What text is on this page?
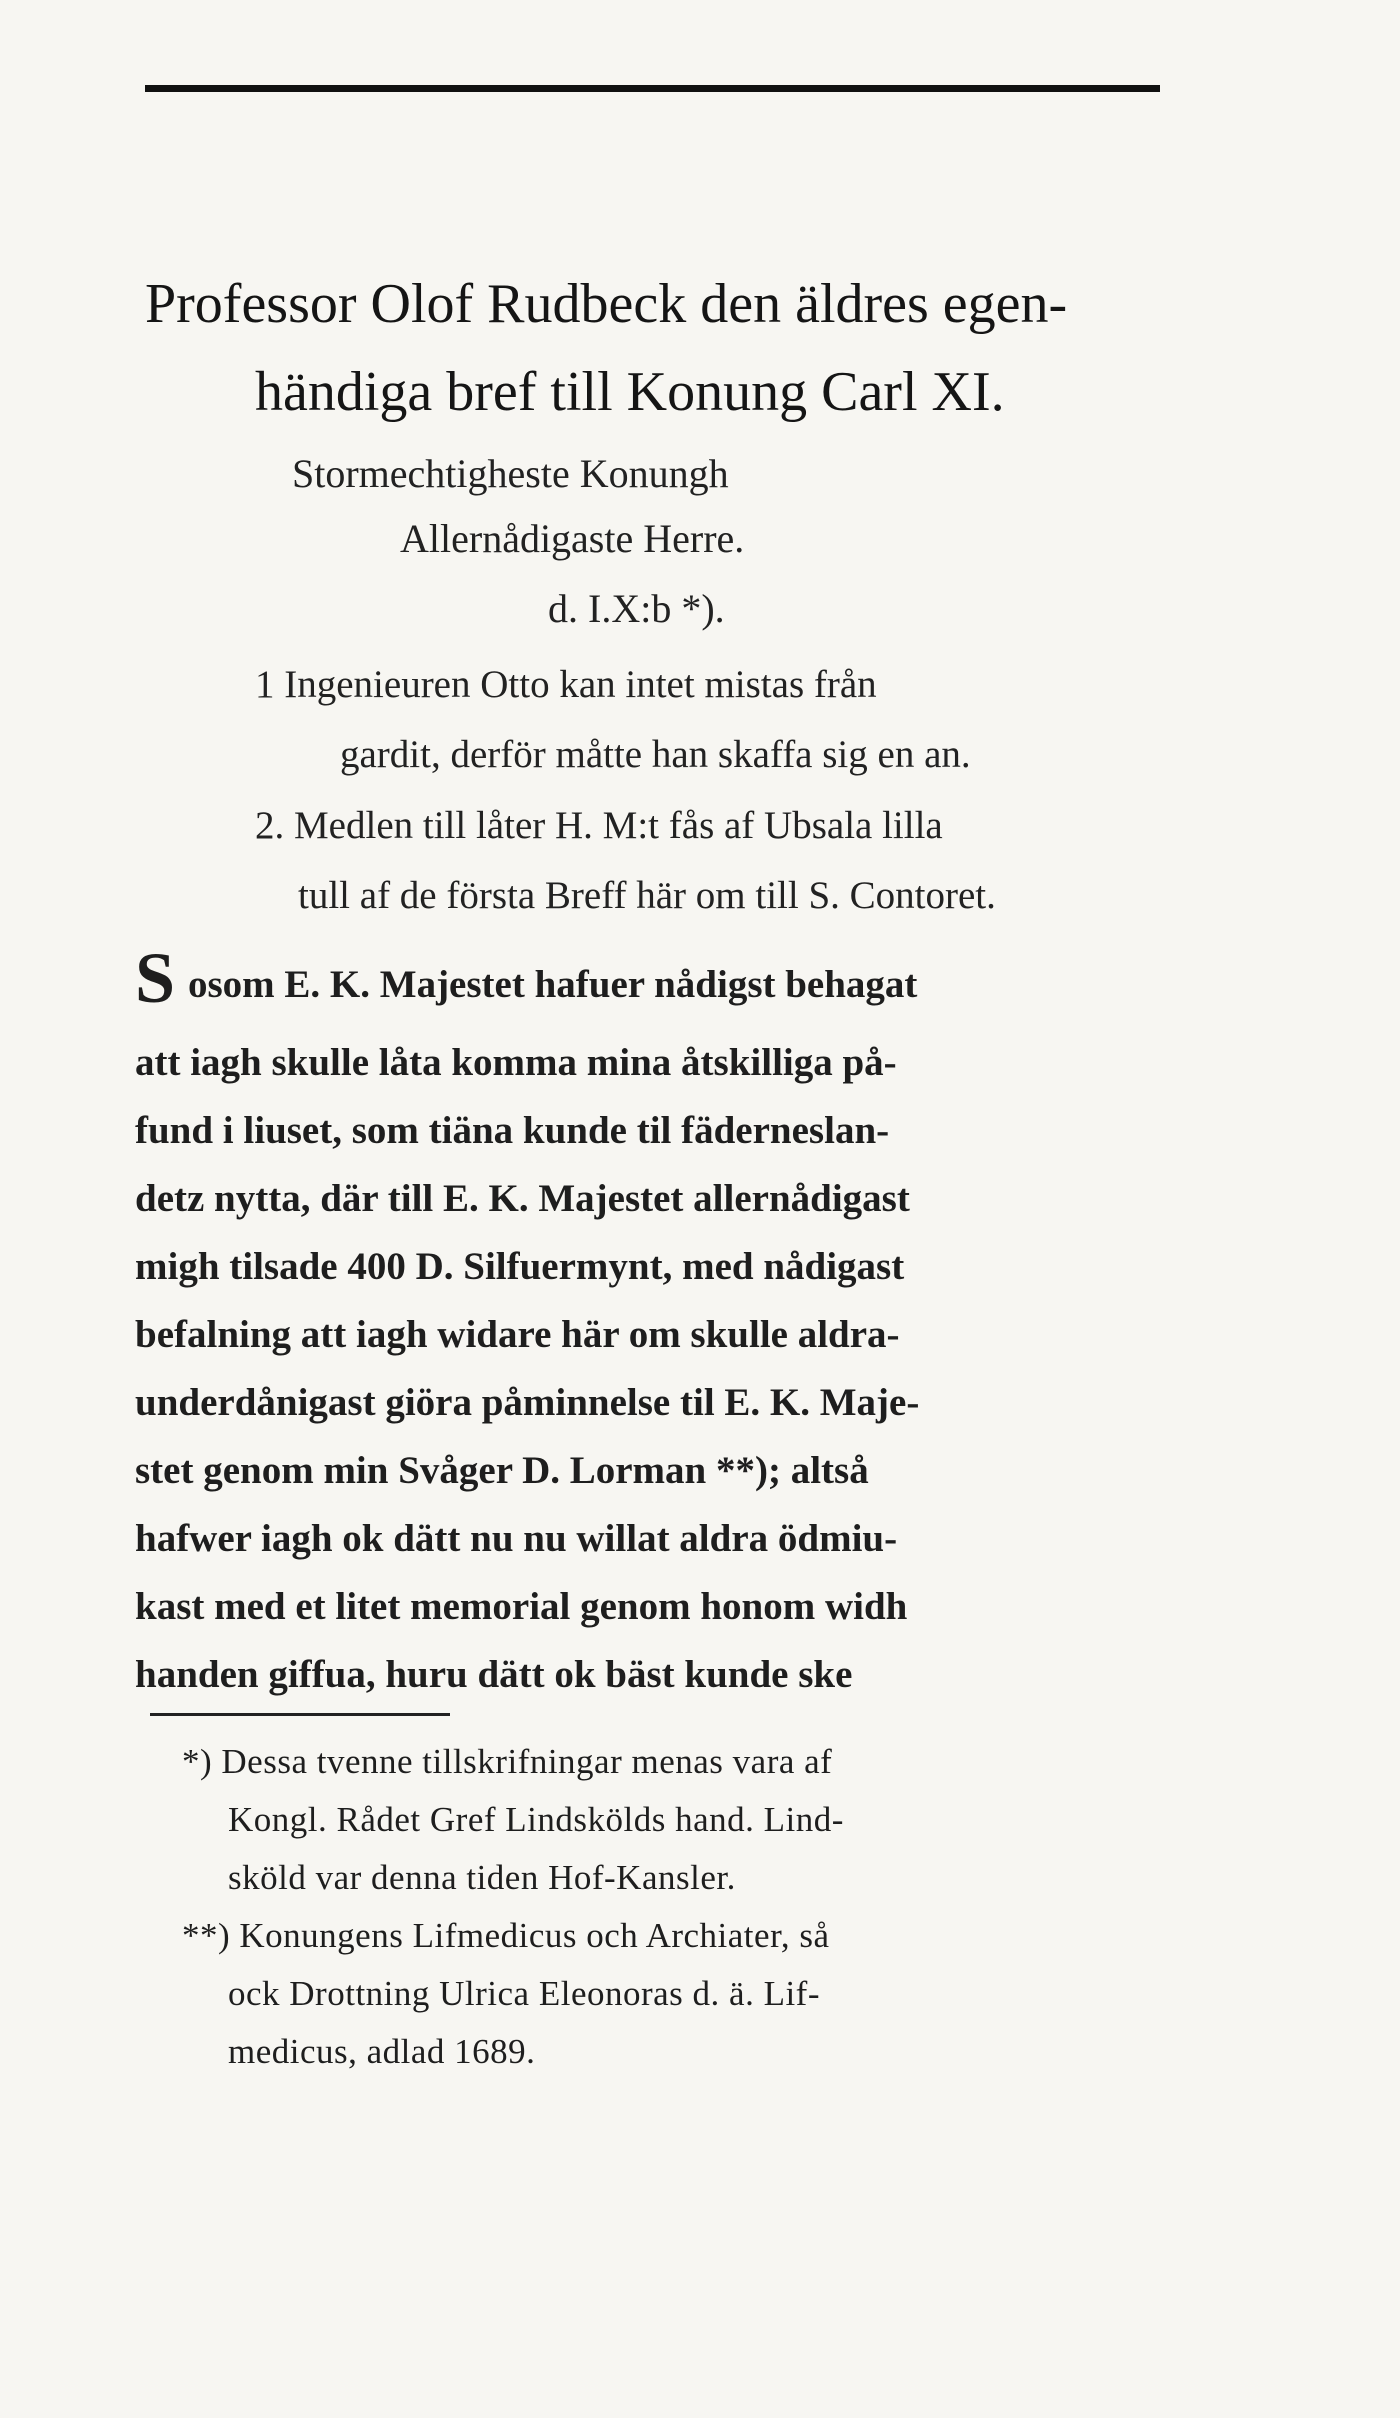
Professor Olof Rudbeck den äldres egen-
händiga bref till Konung Carl XI.
Stormechtigheste Konungh
Allernådigaste Herre.
d. I.X:b *).
1 Ingenieuren Otto kan intet mistas från
gardit, derför måtte han skaffa sig en an.
2. Medlen till låter H. M:t fås af Ubsala lilla
tull af de första Breff här om till S. Contoret.
S osom E. K. Majestet hafuer nådigst behagat
att iagh skulle låta komma mina åtskilliga på-
fund i liuset, som tiäna kunde til fäderneslan-
detz nytta, där till E. K. Majestet allernådigast
migh tilsade 400 D. Silfuermynt, med nådigast
befalning att iagh widare här om skulle aldra-
underdånigast giöra påminnelse til E. K. Maje-
stet genom min Svåger D. Lorman **); altså
hafwer iagh ok dätt nu nu willat aldra ödmiu-
kast med et litet memorial genom honom widh
handen giffua, huru dätt ok bäst kunde ske
*) Dessa tvenne tillskrifningar menas vara af
Kongl. Rådet Gref Lindskölds hand. Lind-
sköld var denna tiden Hof-Kansler.
**) Konungens Lifmedicus och Archiater, så
ock Drottning Ulrica Eleonoras d. ä. Lif-
medicus, adlad 1689.
